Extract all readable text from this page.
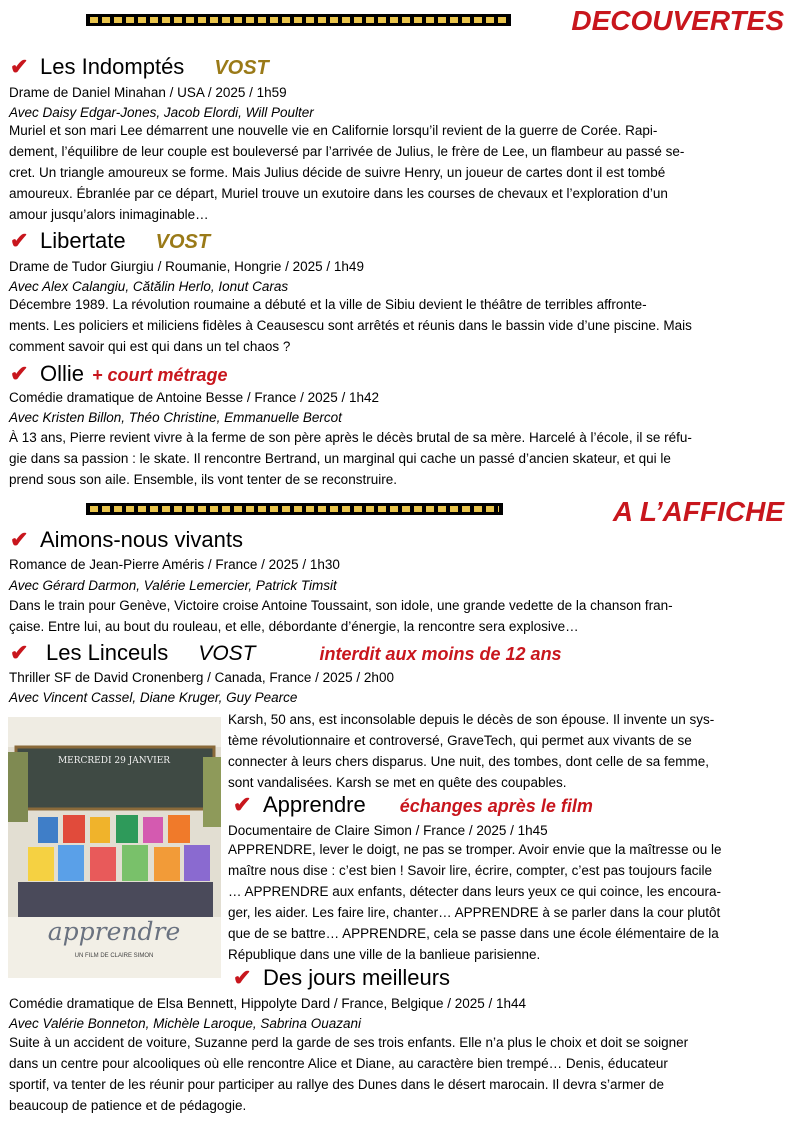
DECOUVERTES
✔ Les Indomptés VOST
Drame de Daniel Minahan / USA / 2025 / 1h59
Avec Daisy Edgar-Jones, Jacob Elordi, Will Poulter
Muriel et son mari Lee démarrent une nouvelle vie en Californie lorsqu’il revient de la guerre de Corée. Rapi-
dement, l’équilibre de leur couple est bouleversé par l’arrivée de Julius, le frère de Lee, un flambeur au passé se-
cret. Un triangle amoureux se forme. Mais Julius décide de suivre Henry, un joueur de cartes dont il est tombé
amoureux. Ébranlée par ce départ, Muriel trouve un exutoire dans les courses de chevaux et l’exploration d’un
amour jusqu’alors inimaginable…
✔ Libertate VOST
Drame de Tudor Giurgiu / Roumanie, Hongrie / 2025 / 1h49
Avec Alex Calangiu, Cătălin Herlo, Ionut Caras
Décembre 1989. La révolution roumaine a débuté et la ville de Sibiu devient le théâtre de terribles affronte-
ments. Les policiers et miliciens fidèles à Ceausescu sont arrêtés et réunis dans le bassin vide d’une piscine. Mais
comment savoir qui est qui dans un tel chaos ?
✔ Ollie + court métrage
Comédie dramatique de Antoine Besse / France / 2025 / 1h42
Avec Kristen Billon, Théo Christine, Emmanuelle Bercot
À 13 ans, Pierre revient vivre à la ferme de son père après le décès brutal de sa mère. Harcelé à l’école, il se réfu-
gie dans sa passion : le skate. Il rencontre Bertrand, un marginal qui cache un passé d’ancien skateur, et qui le
prend sous son aile. Ensemble, ils vont tenter de se reconstruire.
A L’AFFICHE
✔ Aimons-nous vivants
Romance de Jean-Pierre Améris / France / 2025 / 1h30
Avec Gérard Darmon, Valérie Lemercier, Patrick Timsit
Dans le train pour Genève, Victoire croise Antoine Toussaint, son idole, une grande vedette de la chanson fran-
çaise. Entre lui, au bout du rouleau, et elle, débordante d’énergie, la rencontre sera explosive…
✔ Les Linceuls VOST	interdit aux moins de 12 ans
Thriller SF de David Cronenberg / Canada, France / 2025 / 2h00
Avec Vincent Cassel, Diane Kruger, Guy Pearce
apprendre
UN FILM DE CLAIRE SIMON
MERCREDI 29 JANVIER
Karsh, 50 ans, est inconsolable depuis le décès de son épouse. Il invente un sys-
tème révolutionnaire et controversé, GraveTech, qui permet aux vivants de se
connecter à leurs chers disparus. Une nuit, des tombes, dont celle de sa femme,
sont vandalisées. Karsh se met en quête des coupables.
✔ Apprendre échanges après le film
Documentaire de Claire Simon / France / 2025 / 1h45
APPRENDRE, lever le doigt, ne pas se tromper. Avoir envie que la maîtresse ou le
maître nous dise : c’est bien ! Savoir lire, écrire, compter, c’est pas toujours facile
… APPRENDRE aux enfants, détecter dans leurs yeux ce qui coince, les encoura-
ger, les aider. Les faire lire, chanter… APPRENDRE à se parler dans la cour plutôt
que de se battre… APPRENDRE, cela se passe dans une école élémentaire de la
République dans une ville de la banlieue parisienne.
✔ Des jours meilleurs
Comédie dramatique de Elsa Bennett, Hippolyte Dard / France, Belgique / 2025 / 1h44
Avec Valérie Bonneton, Michèle Laroque, Sabrina Ouazani
Suite à un accident de voiture, Suzanne perd la garde de ses trois enfants. Elle n’a plus le choix et doit se soigner
dans un centre pour alcooliques où elle rencontre Alice et Diane, au caractère bien trempé… Denis, éducateur
sportif, va tenter de les réunir pour participer au rallye des Dunes dans le désert marocain. Il devra s’armer de
beaucoup de patience et de pédagogie.
